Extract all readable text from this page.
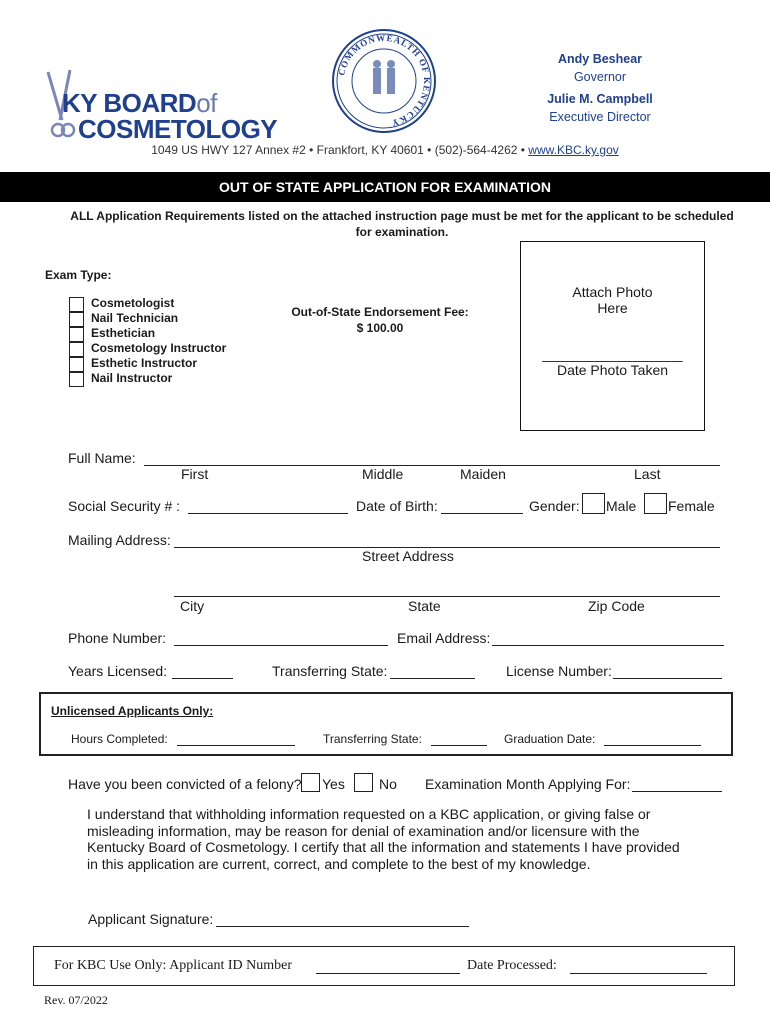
KY BOARDof
COSMETOLOGY
COMMONWEALTH OF KENTUCKY
Andy Beshear
Governor
Julie M. Campbell
Executive Director
1049 US HWY 127 Annex #2 • Frankfort, KY 40601 • (502)-564-4262 • www.KBC.ky.gov
OUT OF STATE APPLICATION FOR EXAMINATION
ALL Application Requirements listed on the attached instruction page must be met for the applicant to be scheduled for examination.
Exam Type:
Cosmetologist
Nail Technician
Esthetician
Cosmetology Instructor
Esthetic Instructor
Nail Instructor
Out-of-State Endorsement Fee:
$ 100.00
Attach Photo
Here
__________________
Date Photo Taken
Full Name:
First	Middle	Maiden	Last
Social Security # :	Date of Birth:	Gender: Male Female
Mailing Address:
Street Address
City	State	Zip Code
Phone Number:	Email Address:
Years Licensed:	Transferring State:	License Number:
Unlicensed Applicants Only:
Hours Completed:	Transferring State:	Graduation Date:
Have you been convicted of a felony? Yes No Examination Month Applying For:
I understand that withholding information requested on a KBC application, or giving false or misleading information, may be reason for denial of examination and/or licensure with the Kentucky Board of Cosmetology. I certify that all the information and statements I have provided in this application are current, correct, and complete to the best of my knowledge.
Applicant Signature:
For KBC Use Only: Applicant ID Number	Date Processed:
Rev. 07/2022
